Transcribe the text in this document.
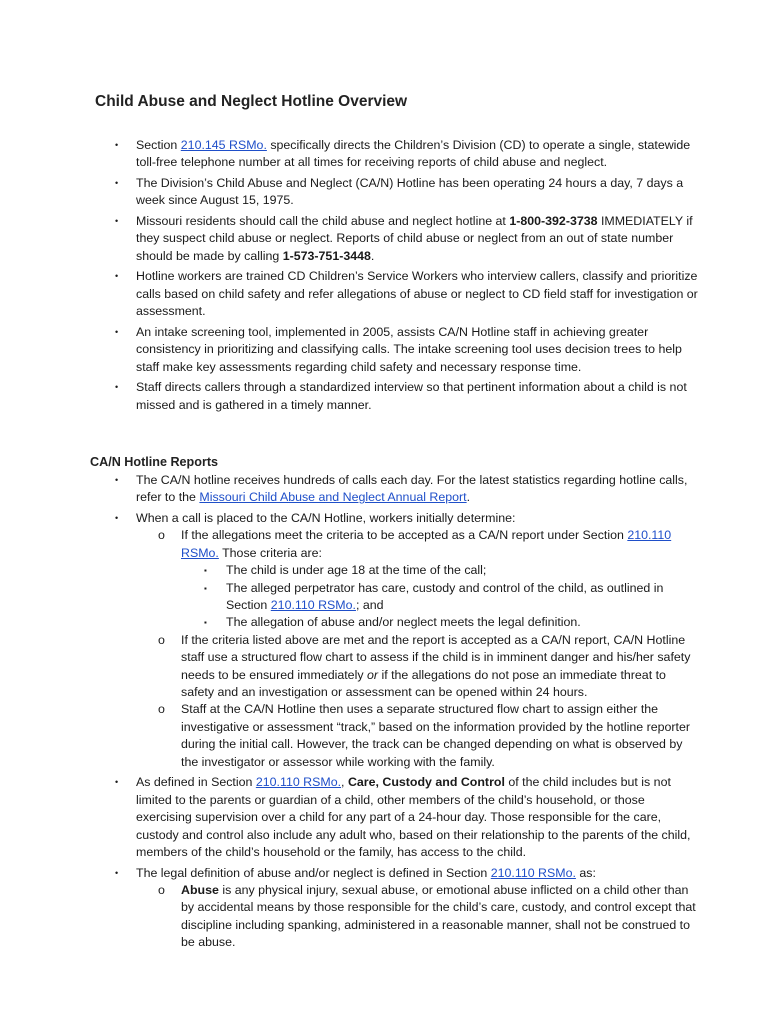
Child Abuse and Neglect Hotline Overview
• Section 210.145 RSMo. specifically directs the Children’s Division (CD) to operate a single, statewide toll-free telephone number at all times for receiving reports of child abuse and neglect.
• The Division’s Child Abuse and Neglect (CA/N) Hotline has been operating 24 hours a day, 7 days a week since August 15, 1975.
• Missouri residents should call the child abuse and neglect hotline at 1-800-392-3738 IMMEDIATELY if they suspect child abuse or neglect. Reports of child abuse or neglect from an out of state number should be made by calling 1-573-751-3448.
• Hotline workers are trained CD Children’s Service Workers who interview callers, classify and prioritize calls based on child safety and refer allegations of abuse or neglect to CD field staff for investigation or assessment.
• An intake screening tool, implemented in 2005, assists CA/N Hotline staff in achieving greater consistency in prioritizing and classifying calls. The intake screening tool uses decision trees to help staff make key assessments regarding child safety and necessary response time.
• Staff directs callers through a standardized interview so that pertinent information about a child is not missed and is gathered in a timely manner.
CA/N Hotline Reports
• The CA/N hotline receives hundreds of calls each day. For the latest statistics regarding hotline calls, refer to the Missouri Child Abuse and Neglect Annual Report.
• When a call is placed to the CA/N Hotline, workers initially determine:
o If the allegations meet the criteria to be accepted as a CA/N report under Section 210.110 RSMo. Those criteria are:
▪ The child is under age 18 at the time of the call;
▪ The alleged perpetrator has care, custody and control of the child, as outlined in Section 210.110 RSMo.; and
▪ The allegation of abuse and/or neglect meets the legal definition.
o If the criteria listed above are met and the report is accepted as a CA/N report, CA/N Hotline staff use a structured flow chart to assess if the child is in imminent danger and his/her safety needs to be ensured immediately or if the allegations do not pose an immediate threat to safety and an investigation or assessment can be opened within 24 hours.
o Staff at the CA/N Hotline then uses a separate structured flow chart to assign either the investigative or assessment “track,” based on the information provided by the hotline reporter during the initial call. However, the track can be changed depending on what is observed by the investigator or assessor while working with the family.
• As defined in Section 210.110 RSMo., Care, Custody and Control of the child includes but is not limited to the parents or guardian of a child, other members of the child’s household, or those exercising supervision over a child for any part of a 24-hour day. Those responsible for the care, custody and control also include any adult who, based on their relationship to the parents of the child, members of the child’s household or the family, has access to the child.
• The legal definition of abuse and/or neglect is defined in Section 210.110 RSMo. as:
o Abuse is any physical injury, sexual abuse, or emotional abuse inflicted on a child other than by accidental means by those responsible for the child’s care, custody, and control except that discipline including spanking, administered in a reasonable manner, shall not be construed to be abuse.
